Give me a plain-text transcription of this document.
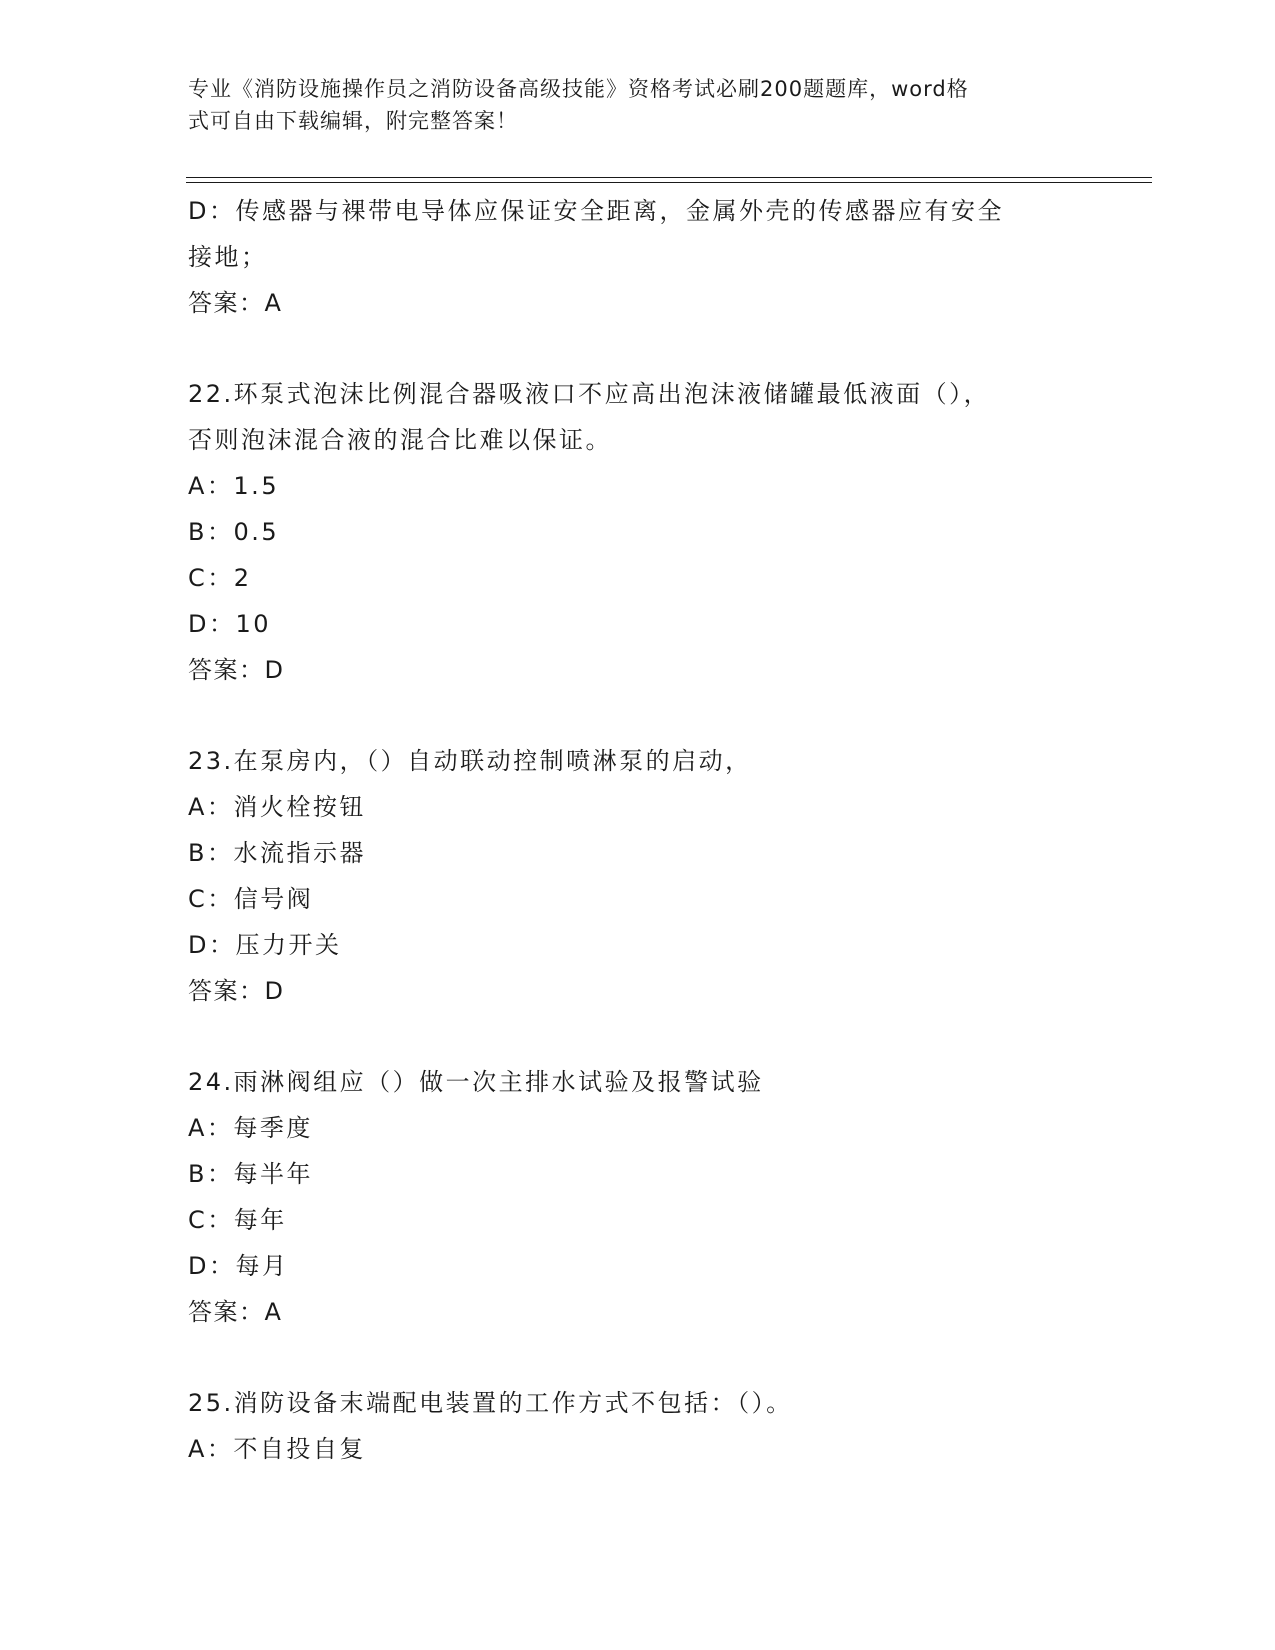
专业《消防设施操作员之消防设备高级技能》资格考试必刷200题题库，word格
式可自由下载编辑，附完整答案！
D：传感器与裸带电导体应保证安全距离，金属外壳的传感器应有安全
接地；
答案：A
22.环泵式泡沫比例混合器吸液口不应高出泡沫液储罐最低液面（），
否则泡沫混合液的混合比难以保证。
A：1.5
B：0.5
C：2
D：10
答案：D
23.在泵房内，（）自动联动控制喷淋泵的启动，
A：消火栓按钮
B：水流指示器
C：信号阀
D：压力开关
答案：D
24.雨淋阀组应（）做一次主排水试验及报警试验
A：每季度
B：每半年
C：每年
D：每月
答案：A
25.消防设备末端配电装置的工作方式不包括：（）。
A：不自投自复
